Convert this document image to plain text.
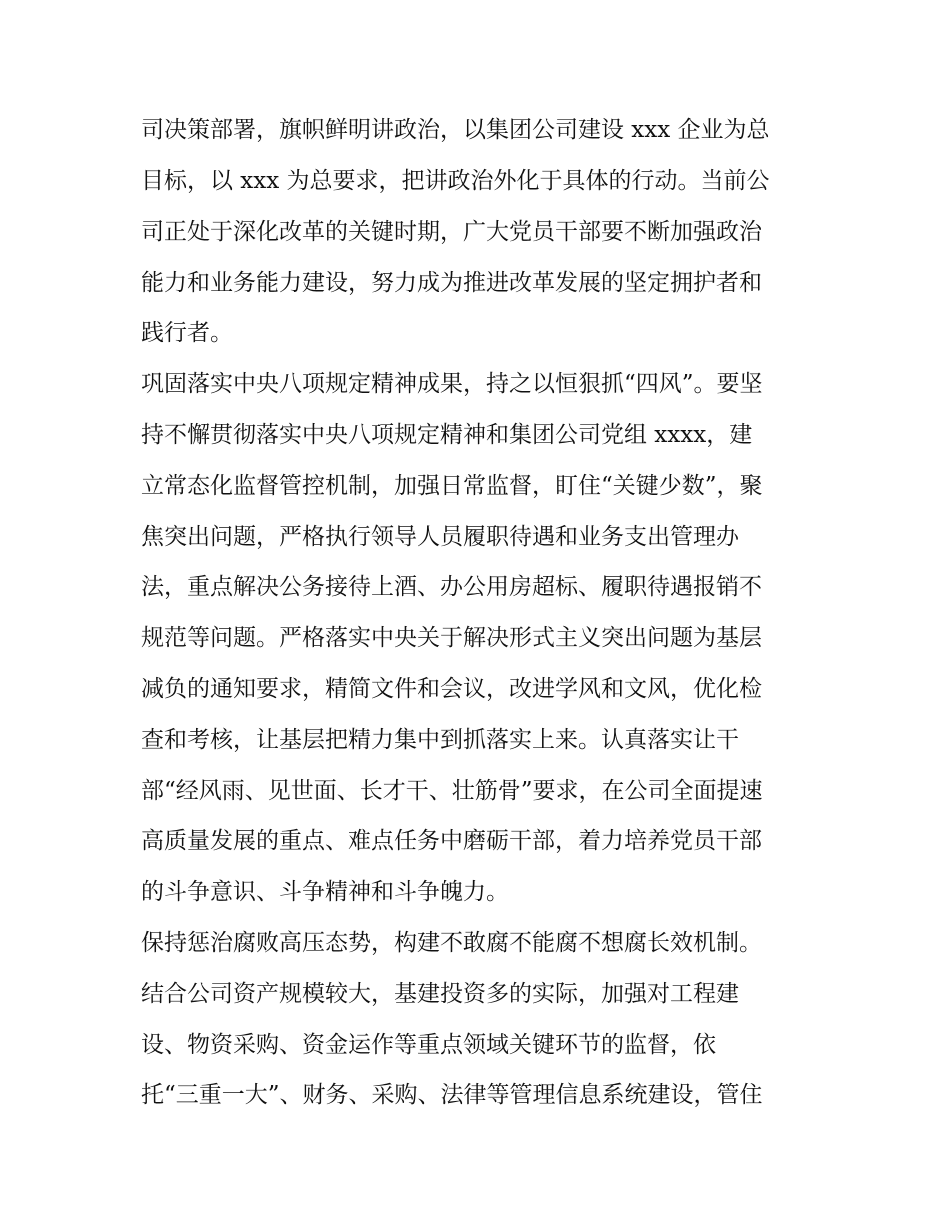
司决策部署，旗帜鲜明讲政治，以集团公司建设 xxx 企业为总
目标，以 xxx 为总要求，把讲政治外化于具体的行动。当前公
司正处于深化改革的关键时期，广大党员干部要不断加强政治
能力和业务能力建设，努力成为推进改革发展的坚定拥护者和
践行者。
巩固落实中央八项规定精神成果，持之以恒狠抓“四风”。要坚
持不懈贯彻落实中央八项规定精神和集团公司党组 xxxx，建
立常态化监督管控机制，加强日常监督，盯住“关键少数”，聚
焦突出问题，严格执行领导人员履职待遇和业务支出管理办
法，重点解决公务接待上酒、办公用房超标、履职待遇报销不
规范等问题。严格落实中央关于解决形式主义突出问题为基层
减负的通知要求，精简文件和会议，改进学风和文风，优化检
查和考核，让基层把精力集中到抓落实上来。认真落实让干
部“经风雨、见世面、长才干、壮筋骨”要求，在公司全面提速
高质量发展的重点、难点任务中磨砺干部，着力培养党员干部
的斗争意识、斗争精神和斗争魄力。
保持惩治腐败高压态势，构建不敢腐不能腐不想腐长效机制。
结合公司资产规模较大，基建投资多的实际，加强对工程建
设、物资采购、资金运作等重点领域关键环节的监督，依
托“三重一大”、财务、采购、法律等管理信息系统建设，管住
